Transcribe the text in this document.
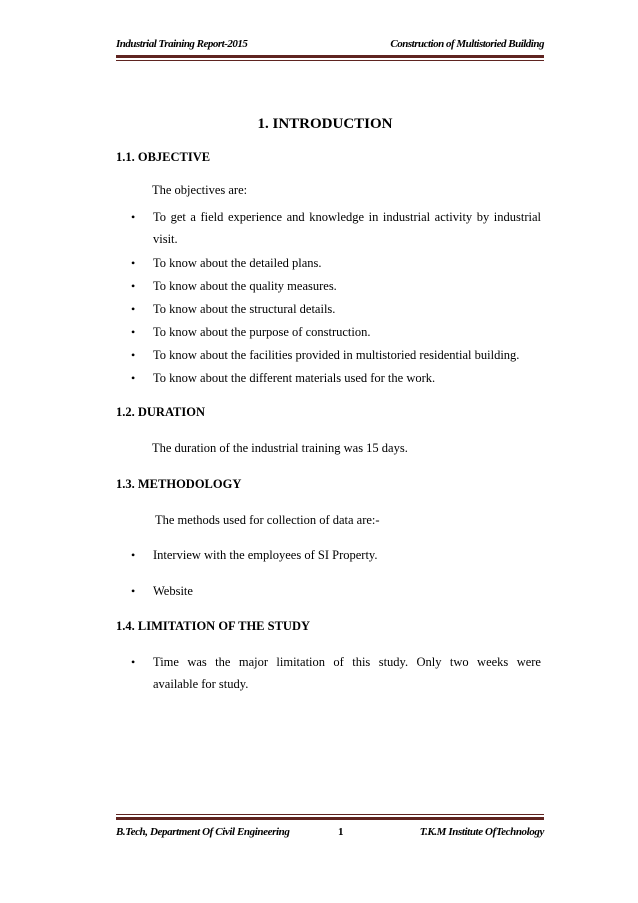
Industrial Training Report-2015	Construction of Multistoried Building
1. INTRODUCTION
1.1. OBJECTIVE
The objectives are:
• To get a field experience and knowledge in industrial activity by industrial
visit.
• To know about the detailed plans.
• To know about the quality measures.
• To know about the structural details.
• To know about the purpose of construction.
• To know about the facilities provided in multistoried residential building.
• To know about the different materials used for the work.
1.2. DURATION
The duration of the industrial training was 15 days.
1.3. METHODOLOGY
The methods used for collection of data are:-
• Interview with the employees of SI Property.
• Website
1.4. LIMITATION OF THE STUDY
• Time was the major limitation of this study. Only two weeks were
available for study.
B.Tech, Department Of Civil Engineering	1	T.K.M Institute OfTechnology
